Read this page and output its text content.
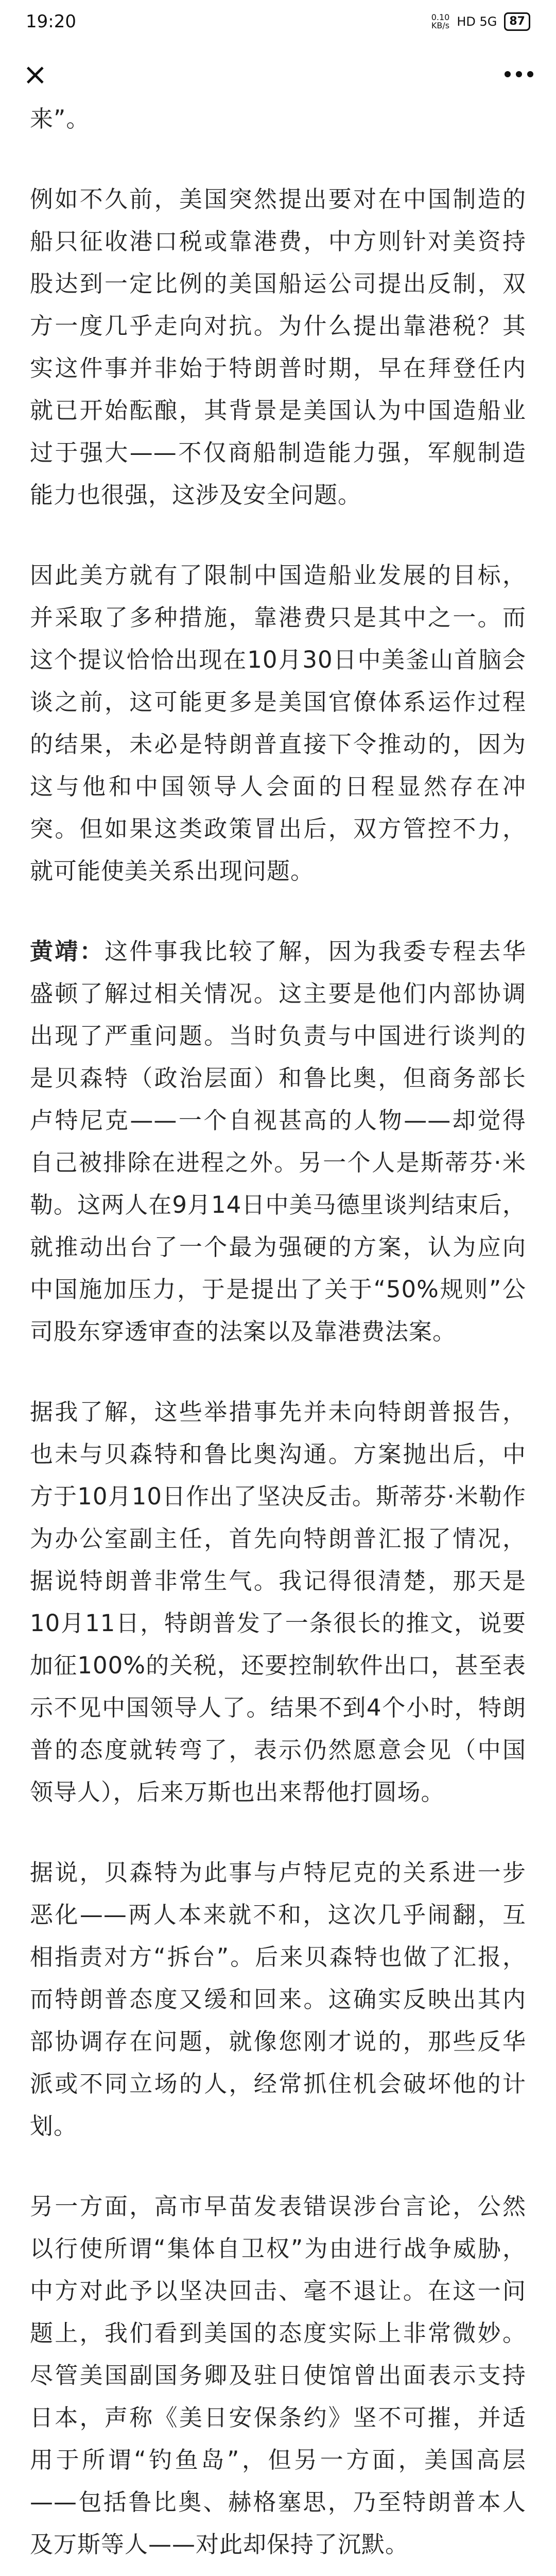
19:20	0.10
KB/s HD 5G	87
×

来”。

例如不久前，美国突然提出要对在中国制造的船只征收港口税或靠港费，中方则针对美资持股达到一定比例的美国船运公司提出反制，双方一度几乎走向对抗。为什么提出靠港税？其实这件事并非始于特朗普时期，早在拜登任内就已开始酝酿，其背景是美国认为中国造船业过于强大——不仅商船制造能力强，军舰制造能力也很强，这涉及安全问题。

因此美方就有了限制中国造船业发展的目标，并采取了多种措施，靠港费只是其中之一。而这个提议恰恰出现在10月30日中美釜山首脑会谈之前，这可能更多是美国官僚体系运作过程的结果，未必是特朗普直接下令推动的，因为这与他和中国领导人会面的日程显然存在冲突。但如果这类政策冒出后，双方管控不力，就可能使美关系出现问题。

黄靖：这件事我比较了解，因为我委专程去华盛顿了解过相关情况。这主要是他们内部协调出现了严重问题。当时负责与中国进行谈判的是贝森特（政治层面）和鲁比奥，但商务部长卢特尼克——一个自视甚高的人物——却觉得自己被排除在进程之外。另一个人是斯蒂芬·米勒。这两人在9月14日中美马德里谈判结束后，就推动出台了一个最为强硬的方案，认为应向中国施加压力，于是提出了关于“50%规则”公司股东穿透审查的法案以及靠港费法案。

据我了解，这些举措事先并未向特朗普报告，也未与贝森特和鲁比奥沟通。方案抛出后，中方于10月10日作出了坚决反击。斯蒂芬·米勒作为办公室副主任，首先向特朗普汇报了情况，据说特朗普非常生气。我记得很清楚，那天是10月11日，特朗普发了一条很长的推文，说要加征100%的关税，还要控制软件出口，甚至表示不见中国领导人了。结果不到4个小时，特朗普的态度就转弯了，表示仍然愿意会见（中国领导人），后来万斯也出来帮他打圆场。

据说，贝森特为此事与卢特尼克的关系进一步恶化——两人本来就不和，这次几乎闹翻，互相指责对方“拆台”。后来贝森特也做了汇报，而特朗普态度又缓和回来。这确实反映出其内部协调存在问题，就像您刚才说的，那些反华派或不同立场的人，经常抓住机会破坏他的计划。

另一方面，高市早苗发表错误涉台言论，公然以行使所谓“集体自卫权”为由进行战争威胁，中方对此予以坚决回击、毫不退让。在这一问题上，我们看到美国的态度实际上非常微妙。尽管美国副国务卿及驻日使馆曾出面表示支持日本，声称《美日安保条约》坚不可摧，并适用于所谓“钓鱼岛”，但另一方面，美国高层——包括鲁比奥、赫格塞思，乃至特朗普本人及万斯等人——对此却保持了沉默。
